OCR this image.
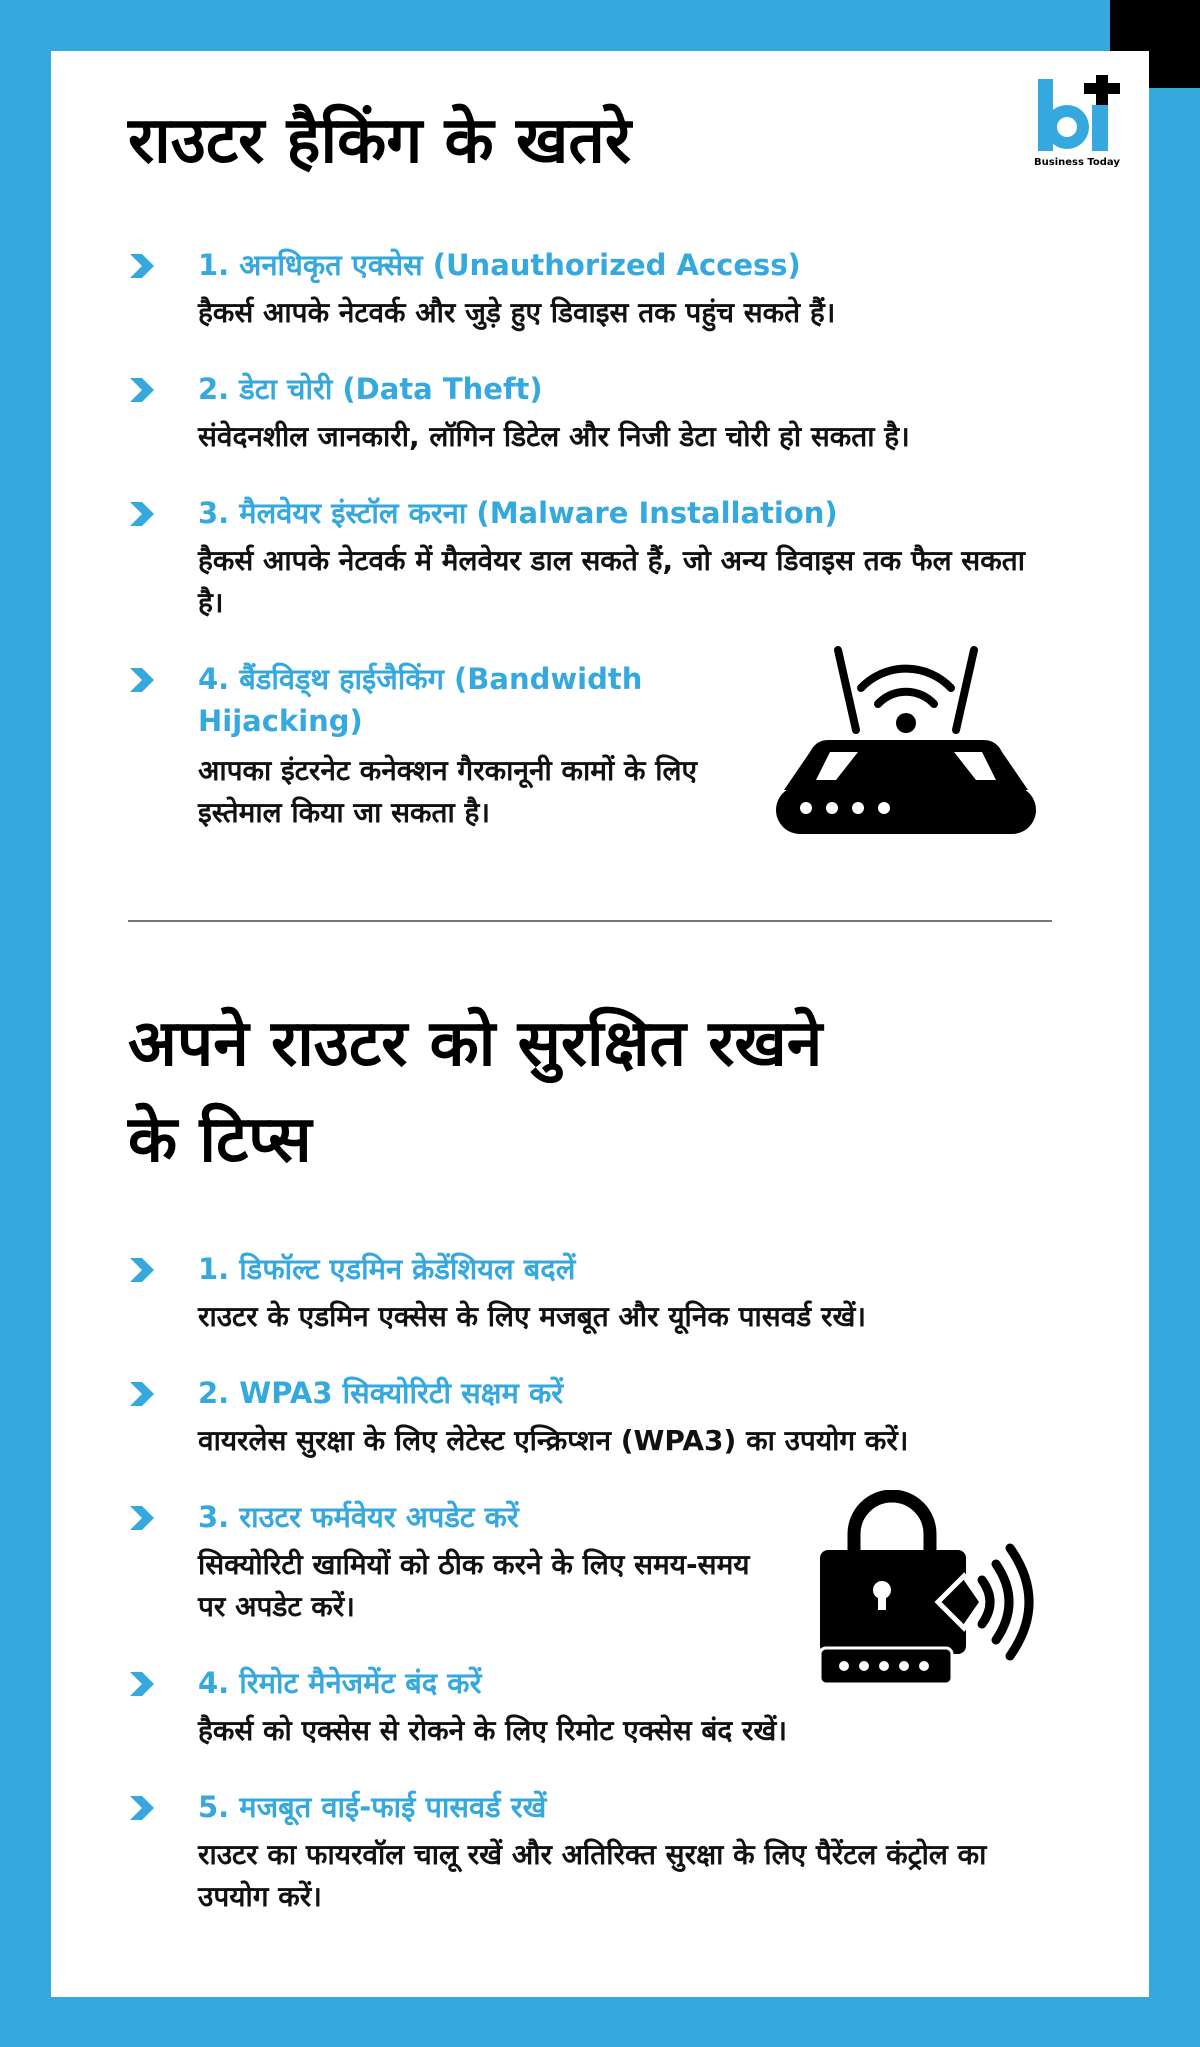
Business Today
राउटर हैकिंग के खतरे

1. अनधिकृत एक्सेस (Unauthorized Access)

हैकर्स आपके नेटवर्क और जुड़े हुए डिवाइस तक पहुंच सकते हैं।

2. डेटा चोरी (Data Theft)

संवेदनशील जानकारी, लॉगिन डिटेल और निजी डेटा चोरी हो सकता है।

3. मैलवेयर इंस्टॉल करना (Malware Installation)

हैकर्स आपके नेटवर्क में मैलवेयर डाल सकते हैं, जो अन्य डिवाइस तक फैल सकता है।

4. बैंडविड्थ हाईजैकिंग (Bandwidth Hijacking)

आपका इंटरनेट कनेक्शन गैरकानूनी कामों के लिए इस्तेमाल किया जा सकता है।

अपने राउटर को सुरक्षित रखने के टिप्स

1. डिफॉल्ट एडमिन क्रेडेंशियल बदलें

राउटर के एडमिन एक्सेस के लिए मजबूत और यूनिक पासवर्ड रखें।

2. WPA3 सिक्योरिटी सक्षम करें

वायरलेस सुरक्षा के लिए लेटेस्ट एन्क्रिप्शन (WPA3) का उपयोग करें।

3. राउटर फर्मवेयर अपडेट करें

सिक्योरिटी खामियों को ठीक करने के लिए समय-समय पर अपडेट करें।

4. रिमोट मैनेजमेंट बंद करें

हैकर्स को एक्सेस से रोकने के लिए रिमोट एक्सेस बंद रखें।

5. मजबूत वाई-फाई पासवर्ड रखें

राउटर का फायरवॉल चालू रखें और अतिरिक्त सुरक्षा के लिए पैरेंटल कंट्रोल का उपयोग करें।
